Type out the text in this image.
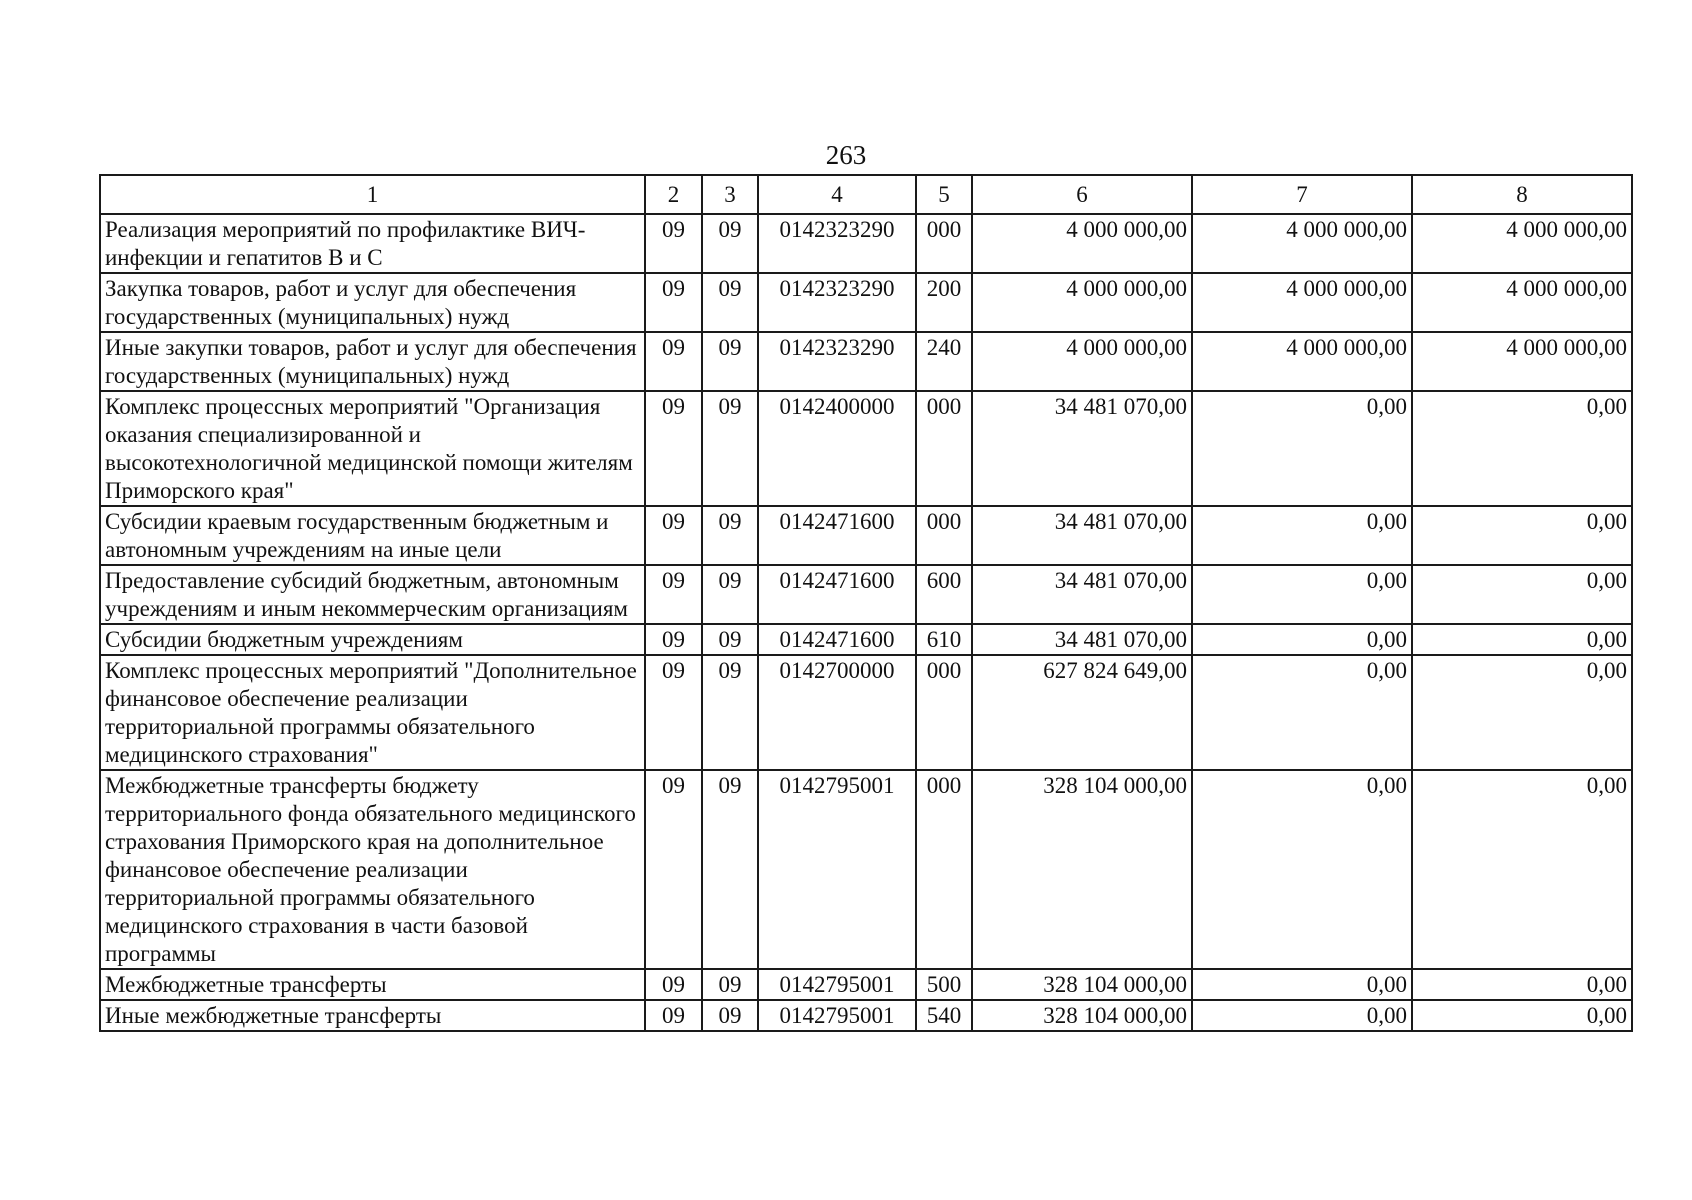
263
1	2	3	4	5	6	7	8
Реализация мероприятий по профилактике ВИЧ-инфекции и гепатитов В и С	09	09	0142323290	000	4 000 000,00	4 000 000,00	4 000 000,00
Закупка товаров, работ и услуг для обеспечения государственных (муниципальных) нужд	09	09	0142323290	200	4 000 000,00	4 000 000,00	4 000 000,00
Иные закупки товаров, работ и услуг для обеспечения государственных (муниципальных) нужд	09	09	0142323290	240	4 000 000,00	4 000 000,00	4 000 000,00
Комплекс процессных мероприятий "Организация оказания специализированной и высокотехнологичной медицинской помощи жителям Приморского края"	09	09	0142400000	000	34 481 070,00	0,00	0,00
Субсидии краевым государственным бюджетным и автономным учреждениям на иные цели	09	09	0142471600	000	34 481 070,00	0,00	0,00
Предоставление субсидий бюджетным, автономным учреждениям и иным некоммерческим организациям	09	09	0142471600	600	34 481 070,00	0,00	0,00
Субсидии бюджетным учреждениям	09	09	0142471600	610	34 481 070,00	0,00	0,00
Комплекс процессных мероприятий "Дополнительное финансовое обеспечение реализации территориальной программы обязательного медицинского страхования"	09	09	0142700000	000	627 824 649,00	0,00	0,00
Межбюджетные трансферты бюджету территориального фонда обязательного медицинского страхования Приморского края на дополнительное финансовое обеспечение реализации территориальной программы обязательного медицинского страхования в части базовой программы	09	09	0142795001	000	328 104 000,00	0,00	0,00
Межбюджетные трансферты	09	09	0142795001	500	328 104 000,00	0,00	0,00
Иные межбюджетные трансферты	09	09	0142795001	540	328 104 000,00	0,00	0,00
